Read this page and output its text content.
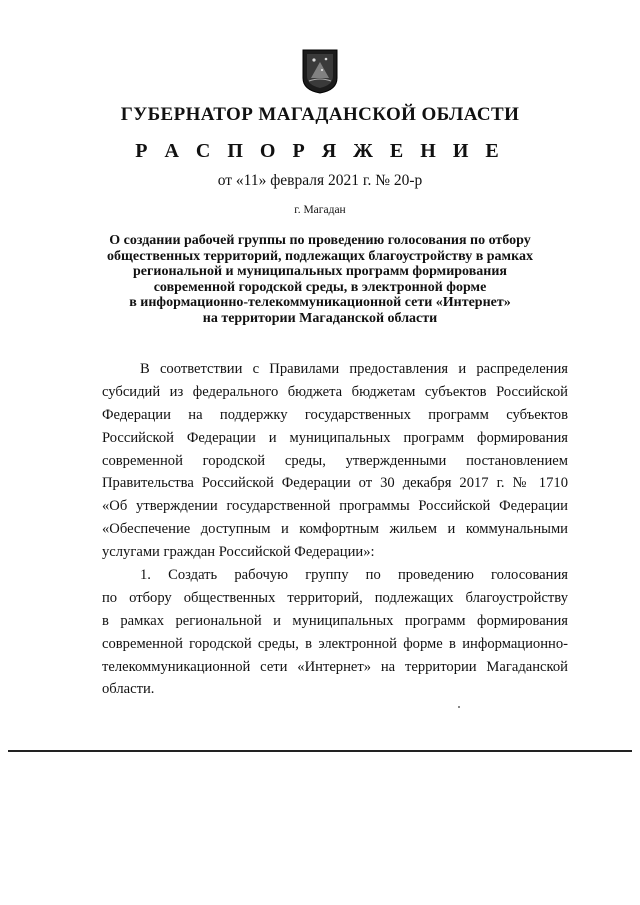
ГУБЕРНАТОР МАГАДАНСКОЙ ОБЛАСТИ
Р А С П О Р Я Ж Е Н И Е
от «11» февраля 2021 г. № 20-р
г. Магадан
О создании рабочей группы по проведению голосования по отбору
общественных территорий, подлежащих благоустройству в рамках
региональной и муниципальных программ формирования
современной городской среды, в электронной форме
в информационно-телекоммуникационной сети «Интернет»
на территории Магаданской области
В соответствии с Правилами предоставления и распределения
субсидий из федерального бюджета бюджетам субъектов Российской
Федерации на поддержку государственных программ субъектов
Российской Федерации и муниципальных программ формирования
современной городской среды, утвержденными постановлением
Правительства Российской Федерации от 30 декабря 2017 г. № 1710
«Об утверждении государственной программы Российской Федерации
«Обеспечение доступным и комфортным жильем и коммунальными
услугами граждан Российской Федерации»:
1. Создать рабочую группу по проведению голосования
по отбору общественных территорий, подлежащих благоустройству
в рамках региональной и муниципальных программ формирования
современной городской среды, в электронной форме в информационно-
телекоммуникационной сети «Интернет» на территории Магаданской
области.
